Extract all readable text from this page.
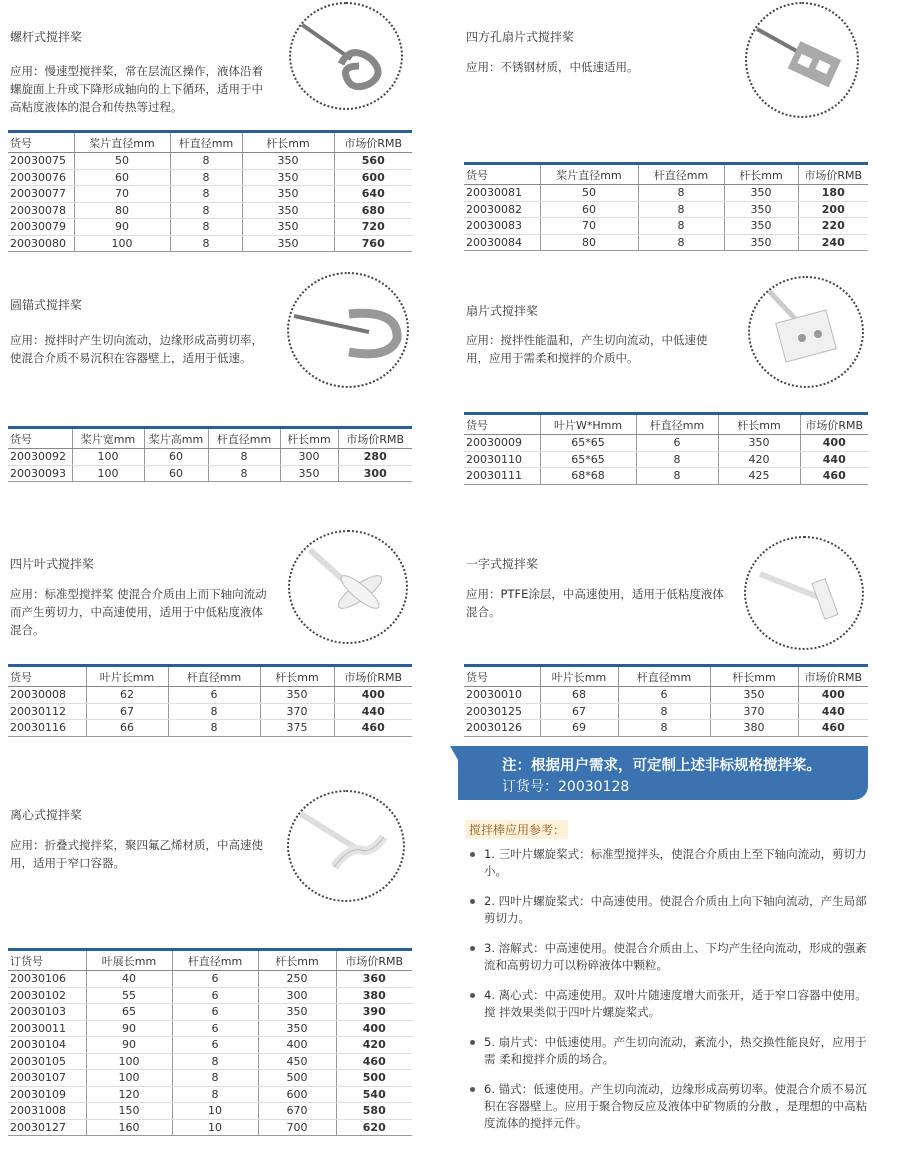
螺杆式搅拌桨
应用：慢速型搅拌桨，常在层流区操作，液体沿着螺旋面上升或下降形成轴向的上下循环，适用于中高粘度液体的混合和传热等过程。
货号	桨片直径mm	杆直径mm	杆长mm	市场价RMB
20030075	50	8	350	560
20030076	60	8	350	600
20030077	70	8	350	640
20030078	80	8	350	680
20030079	90	8	350	720
20030080	100	8	350	760
四方孔扇片式搅拌桨
应用：不锈钢材质，中低速适用。
货号	桨片直径mm	杆直径mm	杆长mm	市场价RMB
20030081	50	8	350	180
20030082	60	8	350	200
20030083	70	8	350	220
20030084	80	8	350	240
圆锚式搅拌桨
应用：搅拌时产生切向流动，边缘形成高剪切率，使混合介质不易沉积在容器壁上，适用于低速。
货号	桨片宽mm	桨片高mm	杆直径mm	杆长mm	市场价RMB
20030092	100	60	8	300	280
20030093	100	60	8	350	300
扇片式搅拌桨
应用：搅拌性能温和，产生切向流动，中低速使用，应用于需柔和搅拌的介质中。
货号	叶片W*Hmm	杆直径mm	杆长mm	市场价RMB
20030009	65*65	6	350	400
20030110	65*65	8	420	440
20030111	68*68	8	425	460
四片叶式搅拌桨
应用：标准型搅拌桨 使混合介质由上而下轴向流动而产生剪切力，中高速使用，适用于中低粘度液体混合。
货号	叶片长mm	杆直径mm	杆长mm	市场价RMB
20030008	62	6	350	400
20030112	67	8	370	440
20030116	66	8	375	460
一字式搅拌桨
应用：PTFE涂层，中高速使用，适用于低粘度液体混合。
货号	叶片长mm	杆直径mm	杆长mm	市场价RMB
20030010	68	6	350	400
20030125	67	8	370	440
20030126	69	8	380	460
注：根据用户需求，可定制上述非标规格搅拌桨。
订货号：20030128
离心式搅拌桨
应用：折叠式搅拌桨，聚四氟乙烯材质，中高速使用，适用于窄口容器。
订货号	叶展长mm	杆直径mm	杆长mm	市场价RMB
20030106	40	6	250	360
20030102	55	6	300	380
20030103	65	6	350	390
20030011	90	6	350	400
20030104	90	6	400	420
20030105	100	8	450	460
20030107	100	8	500	500
20030109	120	8	600	540
20031008	150	10	670	580
20030127	160	10	700	620
搅拌棒应用参考：
1. 三叶片螺旋桨式：标准型搅拌头，使混合介质由上至下轴向流动，剪切力小。
2. 四叶片螺旋桨式：中高速使用。使混合介质由上向下轴向流动，产生局部剪切力。
3. 溶解式：中高速使用。使混合介质由上、下均产生径向流动，形成的强紊流和高剪切力可以粉碎液体中颗粒。
4. 离心式：中高速使用。双叶片随速度增大而张开，适于窄口容器中使用。搅 拌效果类似于四叶片螺旋桨式。
5. 扇片式：中低速使用。产生切向流动，紊流小，热交换性能良好，应用于需 柔和搅拌介质的场合。
6. 锚式：低速使用。产生切向流动，边缘形成高剪切率。使混合介质不易沉积在容器壁上。应用于聚合物反应及液体中矿物质的分散 ，是理想的中高粘度流体的搅拌元件。
